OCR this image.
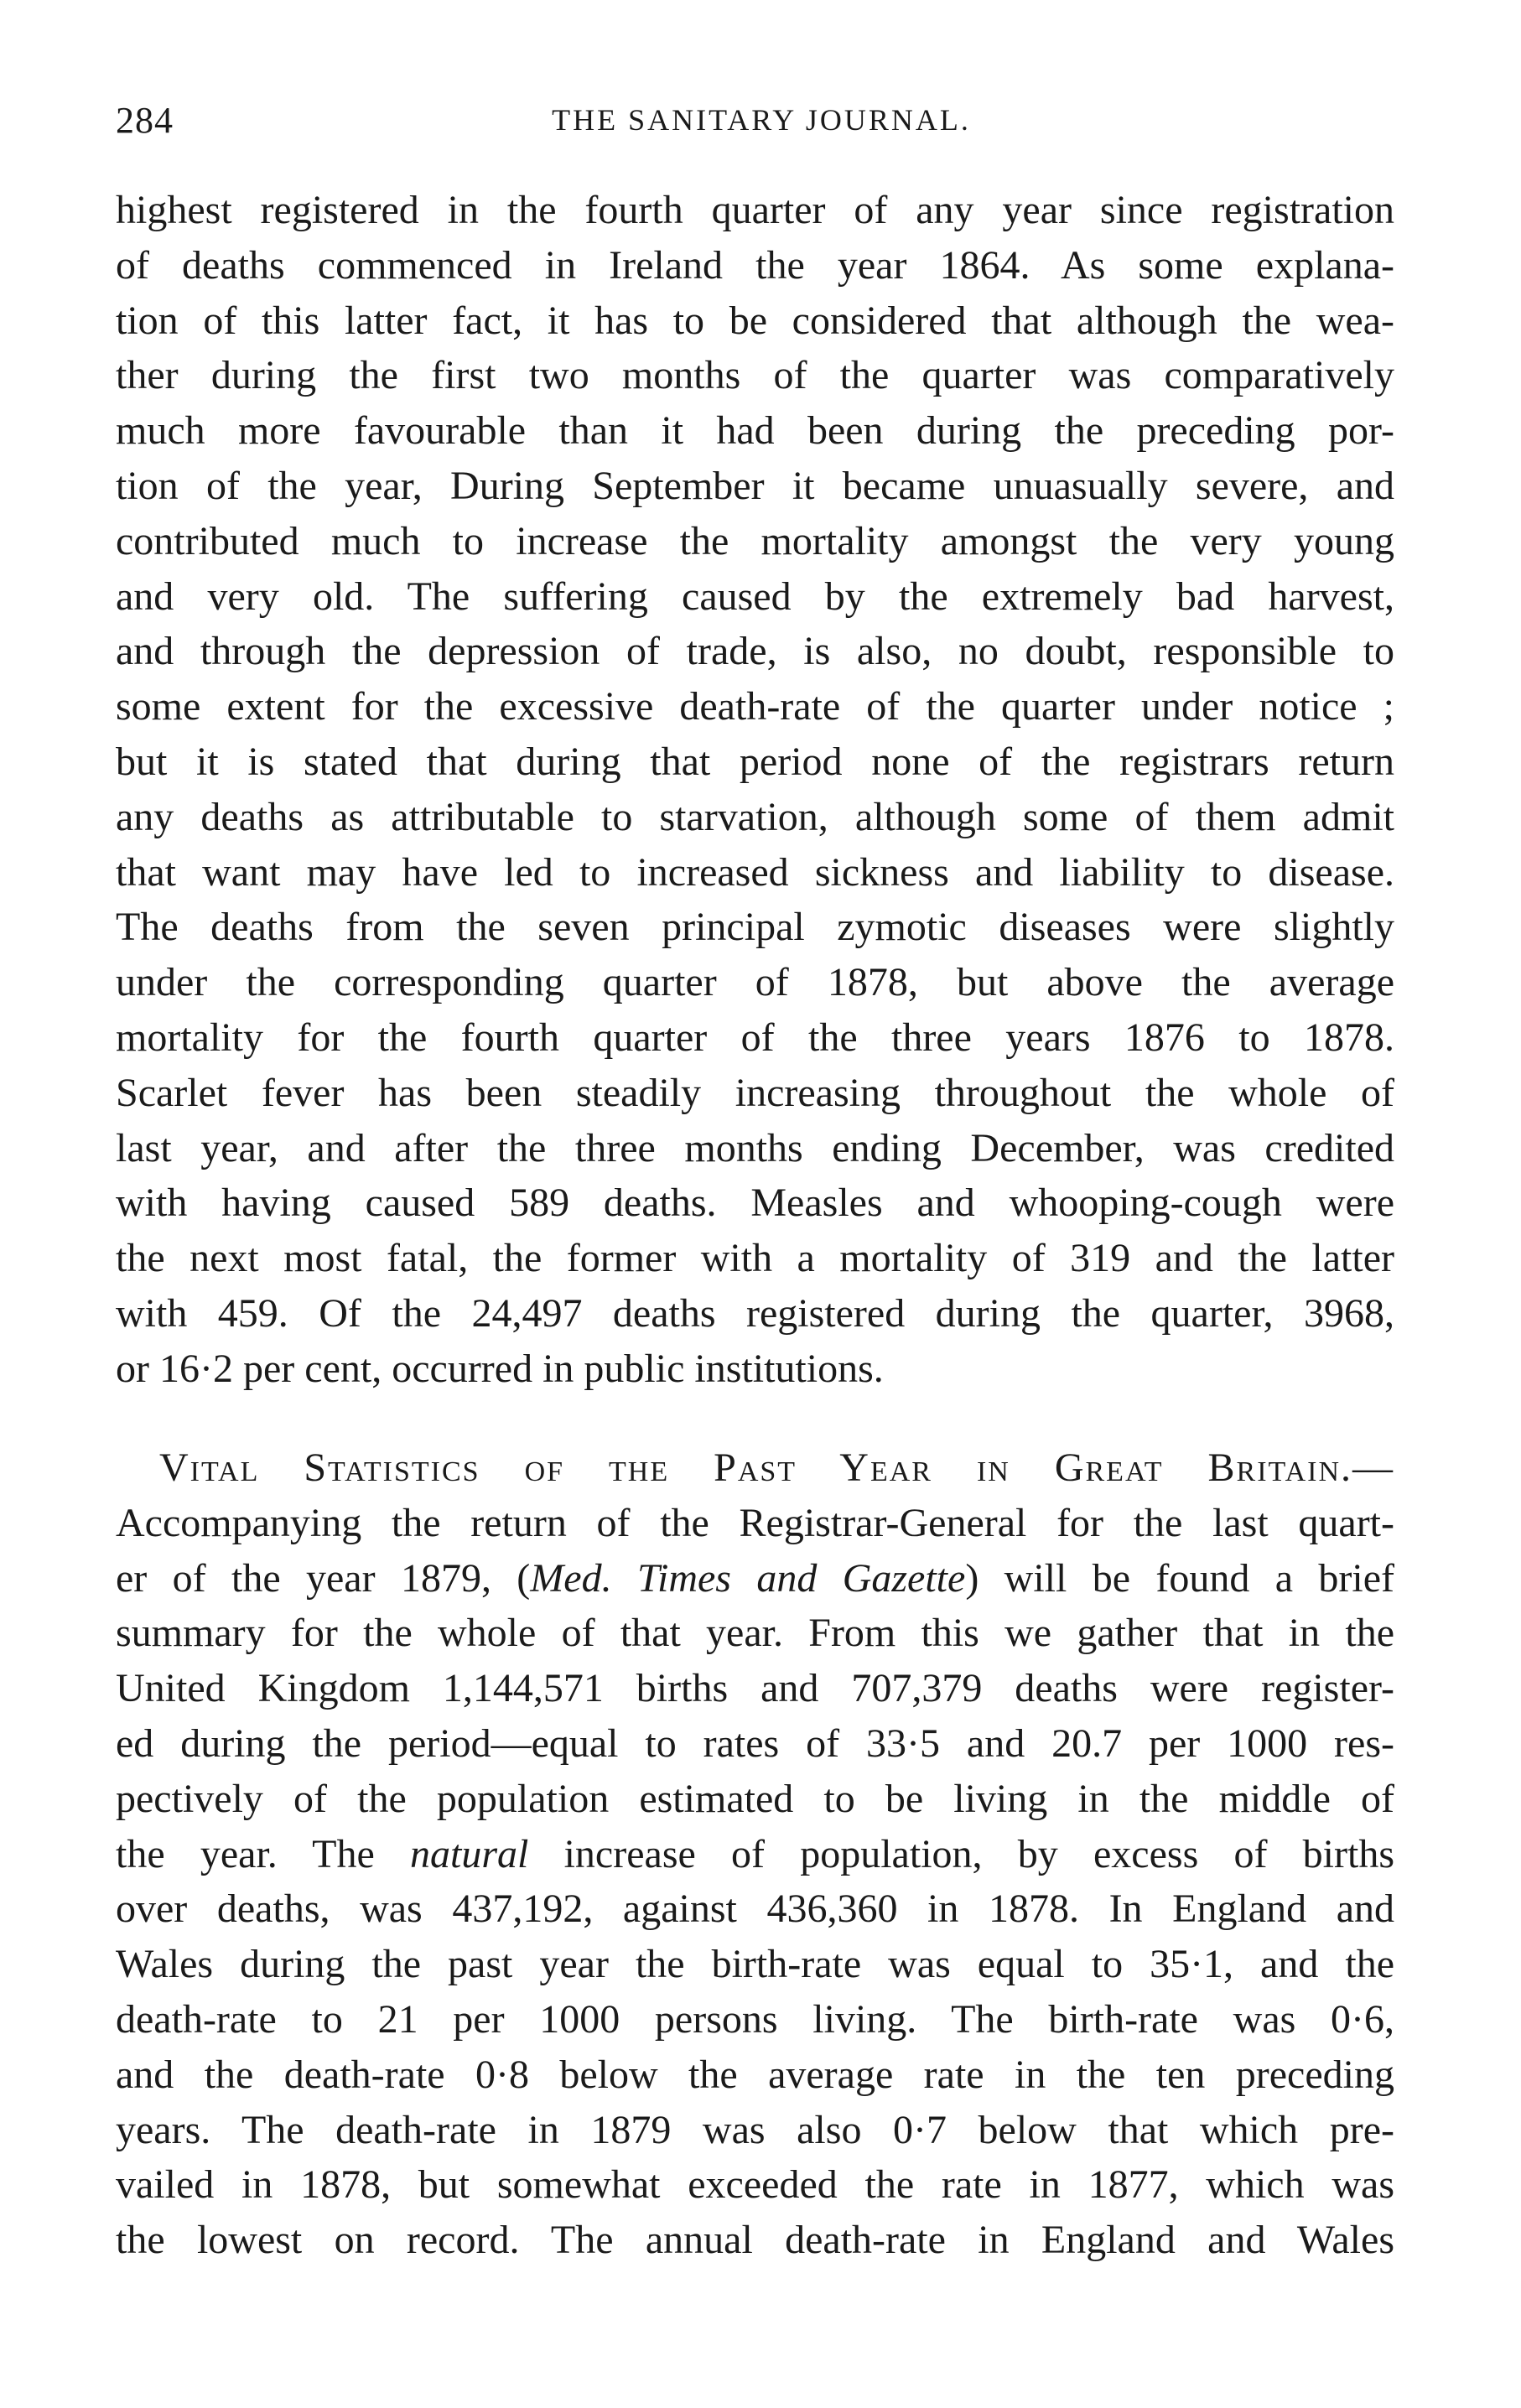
284	THE SANITARY JOURNAL.
highest registered in the fourth quarter of any year since registration
of deaths commenced in Ireland the year 1864. As some explana-
tion of this latter fact, it has to be considered that although the wea-
ther during the first two months of the quarter was comparatively
much more favourable than it had been during the preceding por-
tion of the year, During September it became unuasually severe, and
contributed much to increase the mortality amongst the very young
and very old. The suffering caused by the extremely bad harvest,
and through the depression of trade, is also, no doubt, responsible to
some extent for the excessive death-rate of the quarter under notice ;
but it is stated that during that period none of the registrars return
any deaths as attributable to starvation, although some of them admit
that want may have led to increased sickness and liability to disease.
The deaths from the seven principal zymotic diseases were slightly
under the corresponding quarter of 1878, but above the average
mortality for the fourth quarter of the three years 1876 to 1878.
Scarlet fever has been steadily increasing throughout the whole of
last year, and after the three months ending December, was credited
with having caused 589 deaths. Measles and whooping-cough were
the next most fatal, the former with a mortality of 319 and the latter
with 459. Of the 24,497 deaths registered during the quarter, 3968,
or 16·2 per cent, occurred in public institutions.
Vital Statistics of the Past Year in Great Britain.—
Accompanying the return of the Registrar-General for the last quart-
er of the year 1879, (Med. Times and Gazette) will be found a brief
summary for the whole of that year. From this we gather that in the
United Kingdom 1,144,571 births and 707,379 deaths were register-
ed during the period—equal to rates of 33·5 and 20.7 per 1000 res-
pectively of the population estimated to be living in the middle of
the year. The natural increase of population, by excess of births
over deaths, was 437,192, against 436,360 in 1878. In England and
Wales during the past year the birth-rate was equal to 35·1, and the
death-rate to 21 per 1000 persons living. The birth-rate was 0·6,
and the death-rate 0·8 below the average rate in the ten preceding
years. The death-rate in 1879 was also 0·7 below that which pre-
vailed in 1878, but somewhat exceeded the rate in 1877, which was
the lowest on record. The annual death-rate in England and Wales
